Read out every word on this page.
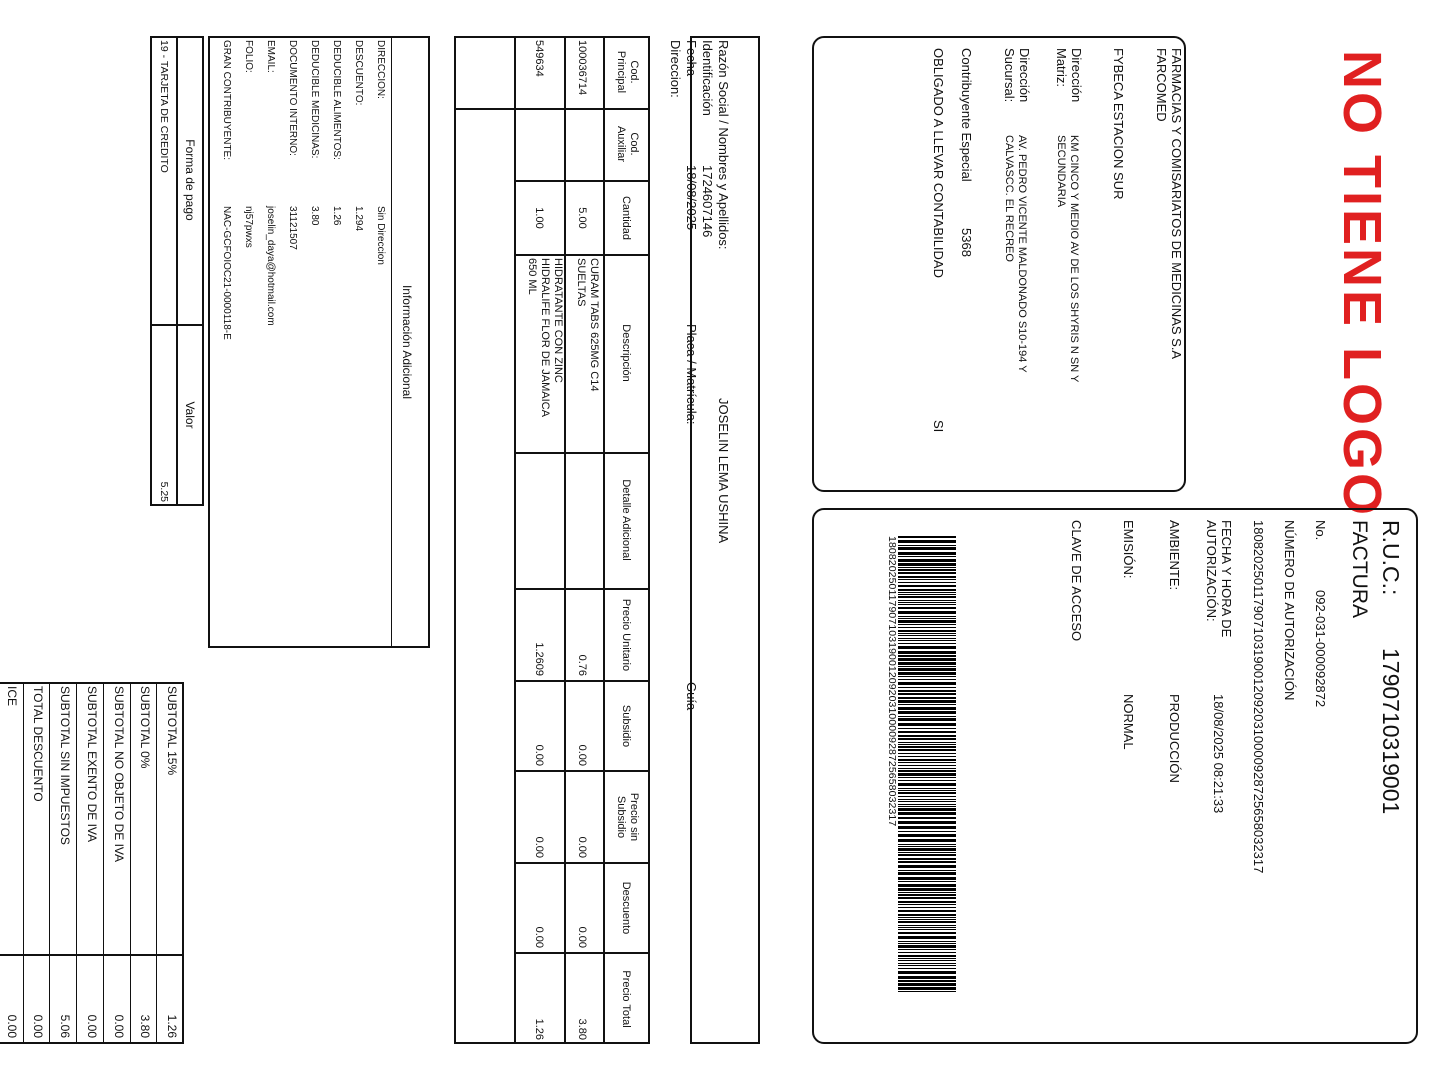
NO TIENE LOGO
FARMACIAS Y COMISARIATOS DE MEDICINAS S.A
FARCOMED
FYBECA ESTACION SUR
Dirección
Matriz:
KM CINCO Y MEDIO AV DE LOS SHYRIS N SN Y
SECUNDARIA
Dirección
Sucursal:
AV. PEDRO VICENTE MALDONADO S10-194 Y
CALVASCC. EL RECREO
Contribuyente Especial
5368
OBLIGADO A LLEVAR CONTABILIDAD
SI
R.U.C.:
1790710319001
FACTURA
No.
092-031-000092872
NÚMERO DE AUTORIZACIÓN
1808202501179071031900120920310000928725658032317
FECHA Y HORA DE
AUTORIZACIÓN:
18/08/2025 08:21:33
AMBIENTE:
PRODUCCIÓN
EMISIÓN:
NORMAL
CLAVE DE ACCESO
1808202501179071031900120920310000928725658032317
Razón Social / Nombres y Apellidos:
JOSELIN LEMA USHINA
Identificación
1724607146
Fecha
18/08/2025
Placa / Matrícula:
Guía
Direccion:
Cod.
Principal
Cod.
Auxiliar
Cantidad
Descripción
Detalle Adicional
Precio Unitario
Subsidio
Precio sin
Subsidio
Descuento
Precio Total
100036714
5.00
CURAM TABS 625MG C14
SUELTAS
0.76
0.00
0.00
0.00
3.80
549634
1.00
HIDRATANTE CON ZINC
HIDRALIFE FLOR DE JAMAICA
650 ML
1.2609
0.00
0.00
0.00
1.26
Información Adicional
DIRECCION:
Sin Direccion
DESCUENTO:
1.294
DEDUCIBLE ALIMENTOS:
1.26
DEDUCIBLE MEDICINAS:
3.80
DOCUMENTO INTERNO:
31121507
EMAIL:
joselin_daya@hotmail.com
FOLIO:
nj57pwxs
GRAN CONTRIBUYENTE:
NAC-GCFOIOC21-0000118-E
Forma de pago
Valor
19 - TARJETA DE CREDITO
5.25
SUBTOTAL 15%
1.26
SUBTOTAL 0%
3.80
SUBTOTAL NO OBJETO DE IVA
0.00
SUBTOTAL EXENTO DE IVA
0.00
SUBTOTAL SIN IMPUESTOS
5.06
TOTAL DESCUENTO
0.00
ICE
0.00
